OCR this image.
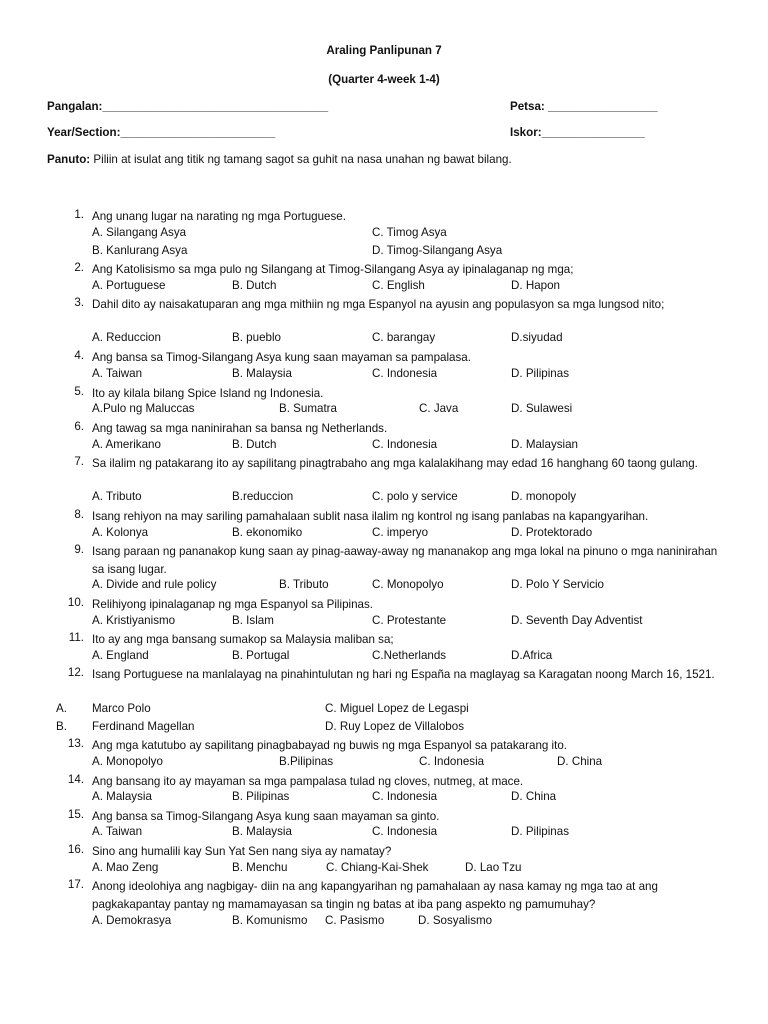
Araling Panlipunan 7
(Quarter 4-week 1-4)
Pangalan:___________________________________	Petsa: _________________
Year/Section:________________________	Iskor:________________
Panuto: Piliin at isulat ang titik ng tamang sagot sa guhit na nasa unahan ng bawat bilang.
1. Ang unang lugar na narating ng mga Portuguese.
A. Silangang Asya	C. Timog Asya
B. Kanlurang Asya	D. Timog-Silangang Asya
2. Ang Katolisismo sa mga pulo ng Silangang at Timog-Silangang Asya ay ipinalaganap ng mga;
A. Portuguese	B. Dutch	C. English	D. Hapon
3. Dahil dito ay naisakatuparan ang mga mithiin ng mga Espanyol na ayusin ang populasyon sa mga lungsod nito;
A. Reduccion	B. pueblo	C. barangay	D.siyudad
4. Ang bansa sa Timog-Silangang Asya kung saan mayaman sa pampalasa.
A. Taiwan	B. Malaysia	C. Indonesia	D. Pilipinas
5. Ito ay kilala bilang Spice Island ng Indonesia.
A.Pulo ng Maluccas	B. Sumatra	C. Java	D. Sulawesi
6. Ang tawag sa mga naninirahan sa bansa ng Netherlands.
A. Amerikano	B. Dutch	C. Indonesia	D. Malaysian
7. Sa ilalim ng patakarang ito ay sapilitang pinagtrabaho ang mga kalalakihang may edad 16 hanghang 60 taong gulang.
A. Tributo	B.reduccion	C. polo y service	D. monopoly
8. Isang rehiyon na may sariling pamahalaan sublit nasa ilalim ng kontrol ng isang panlabas na kapangyarihan.
A. Kolonya	B. ekonomiko	C. imperyo	D. Protektorado
9. Isang paraan ng pananakop kung saan ay pinag-aaway-away ng mananakop ang mga lokal na pinuno o mga naninirahan sa isang lugar.
A. Divide and rule policy	B. Tributo	C. Monopolyo	D. Polo Y Servicio
10. Relihiyong ipinalaganap ng mga Espanyol sa Pilipinas.
A. Kristiyanismo	B. Islam	C. Protestante	D. Seventh Day Adventist
11. Ito ay ang mga bansang sumakop sa Malaysia maliban sa;
A. England	B. Portugal	C.Netherlands	D.Africa
12. Isang Portuguese na manlalayag na pinahintulutan ng hari ng España na maglayag sa Karagatan noong March 16, 1521.
A. Marco Polo	C. Miguel Lopez de Legaspi
B. Ferdinand Magellan	D. Ruy Lopez de Villalobos
13. Ang mga katutubo ay sapilitang pinagbabayad ng buwis ng mga Espanyol sa patakarang ito.
A. Monopolyo	B.Pilipinas	C. Indonesia	D. China
14. Ang bansang ito ay mayaman sa mga pampalasa tulad ng cloves, nutmeg, at mace.
A. Malaysia	B. Pilipinas	C. Indonesia	D. China
15. Ang bansa sa Timog-Silangang Asya kung saan mayaman sa ginto.
A. Taiwan	B. Malaysia	C. Indonesia	D. Pilipinas
16. Sino ang humalili kay Sun Yat Sen nang siya ay namatay?
A. Mao Zeng	B. Menchu	C. Chiang-Kai-Shek	D. Lao Tzu
17. Anong ideolohiya ang nagbigay- diin na ang kapangyarihan ng pamahalaan ay nasa kamay ng mga tao at ang pagkakapantay pantay ng mamamayasan sa tingin ng batas at iba pang aspekto ng pamumuhay?
A. Demokrasya	B. Komunismo C. Pasismo	D. Sosyalismo
